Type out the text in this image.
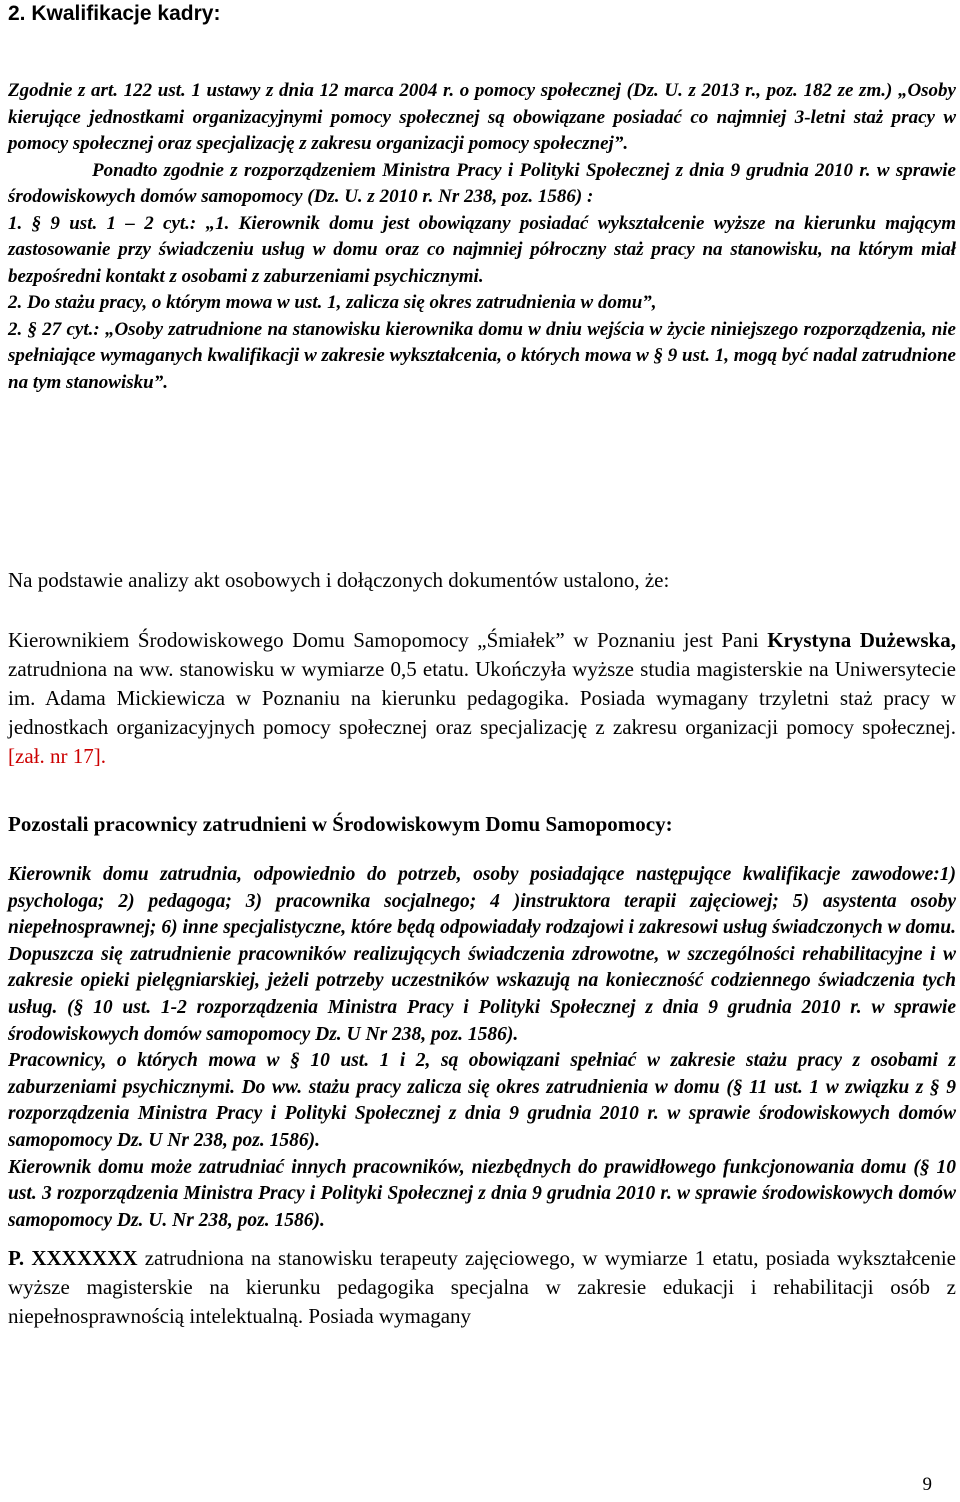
2. Kwalifikacje kadry:

Zgodnie z art. 122 ust. 1 ustawy z dnia 12 marca 2004 r. o pomocy społecznej (Dz. U. z 2013 r., poz. 182 ze zm.) „Osoby kierujące jednostkami organizacyjnymi pomocy społecznej są obowiązane posiadać co najmniej 3-letni staż pracy w pomocy społecznej oraz specjalizację z zakresu organizacji pomocy społecznej”.

Ponadto zgodnie z rozporządzeniem Ministra Pracy i Polityki Społecznej z dnia 9 grudnia 2010 r. w sprawie środowiskowych domów samopomocy (Dz. U. z 2010 r. Nr 238, poz. 1586) :

1. § 9 ust. 1 – 2 cyt.: „1. Kierownik domu jest obowiązany posiadać wykształcenie wyższe na kierunku mającym zastosowanie przy świadczeniu usług w domu oraz co najmniej półroczny staż pracy na stanowisku, na którym miał bezpośredni kontakt z osobami z zaburzeniami psychicznymi.

2. Do stażu pracy, o którym mowa w ust. 1, zalicza się okres zatrudnienia w domu”,

2. § 27 cyt.: „Osoby zatrudnione na stanowisku kierownika domu w dniu wejścia w życie niniejszego rozporządzenia, nie spełniające wymaganych kwalifikacji w zakresie wykształcenia, o których mowa w § 9 ust. 1, mogą być nadal zatrudnione na tym stanowisku”.

Na podstawie analizy akt osobowych i dołączonych dokumentów ustalono, że:
Kierownikiem Środowiskowego Domu Samopomocy „Śmiałek” w Poznaniu jest Pani Krystyna Dużewska, zatrudniona na ww. stanowisku w wymiarze 0,5 etatu. Ukończyła wyższe studia magisterskie na Uniwersytecie im. Adama Mickiewicza w Poznaniu na kierunku pedagogika. Posiada wymagany trzyletni staż pracy w jednostkach organizacyjnych pomocy społecznej oraz specjalizację z zakresu organizacji pomocy społecznej. [zał. nr 17].
Pozostali pracownicy zatrudnieni w Środowiskowym Domu Samopomocy:

Kierownik domu zatrudnia, odpowiednio do potrzeb, osoby posiadające następujące kwalifikacje zawodowe:1) psychologa; 2) pedagoga; 3) pracownika socjalnego; 4 )instruktora terapii zajęciowej; 5) asystenta osoby niepełnosprawnej; 6) inne specjalistyczne, które będą odpowiadały rodzajowi i zakresowi usług świadczonych w domu. Dopuszcza się zatrudnienie pracowników realizujących świadczenia zdrowotne, w szczególności rehabilitacyjne i w zakresie opieki pielęgniarskiej, jeżeli potrzeby uczestników wskazują na konieczność codziennego świadczenia tych usług. (§ 10 ust. 1-2 rozporządzenia Ministra Pracy i Polityki Społecznej z dnia 9 grudnia 2010 r. w sprawie środowiskowych domów samopomocy Dz. U Nr 238, poz. 1586).

Pracownicy, o których mowa w § 10 ust. 1 i 2, są obowiązani spełniać w zakresie stażu pracy z osobami z zaburzeniami psychicznymi. Do ww. stażu pracy zalicza się okres zatrudnienia w domu (§ 11 ust. 1 w związku z § 9 rozporządzenia Ministra Pracy i Polityki Społecznej z dnia 9 grudnia 2010 r. w sprawie środowiskowych domów samopomocy Dz. U Nr 238, poz. 1586).

Kierownik domu może zatrudniać innych pracowników, niezbędnych do prawidłowego funkcjonowania domu (§ 10 ust. 3 rozporządzenia Ministra Pracy i Polityki Społecznej z dnia 9 grudnia 2010 r. w sprawie środowiskowych domów samopomocy Dz. U. Nr 238, poz. 1586).

P. XXXXXXX zatrudniona na stanowisku terapeuty zajęciowego, w wymiarze 1 etatu, posiada wykształcenie wyższe magisterskie na kierunku pedagogika specjalna w zakresie edukacji i rehabilitacji osób z niepełnosprawnością intelektualną. Posiada wymagany
9
